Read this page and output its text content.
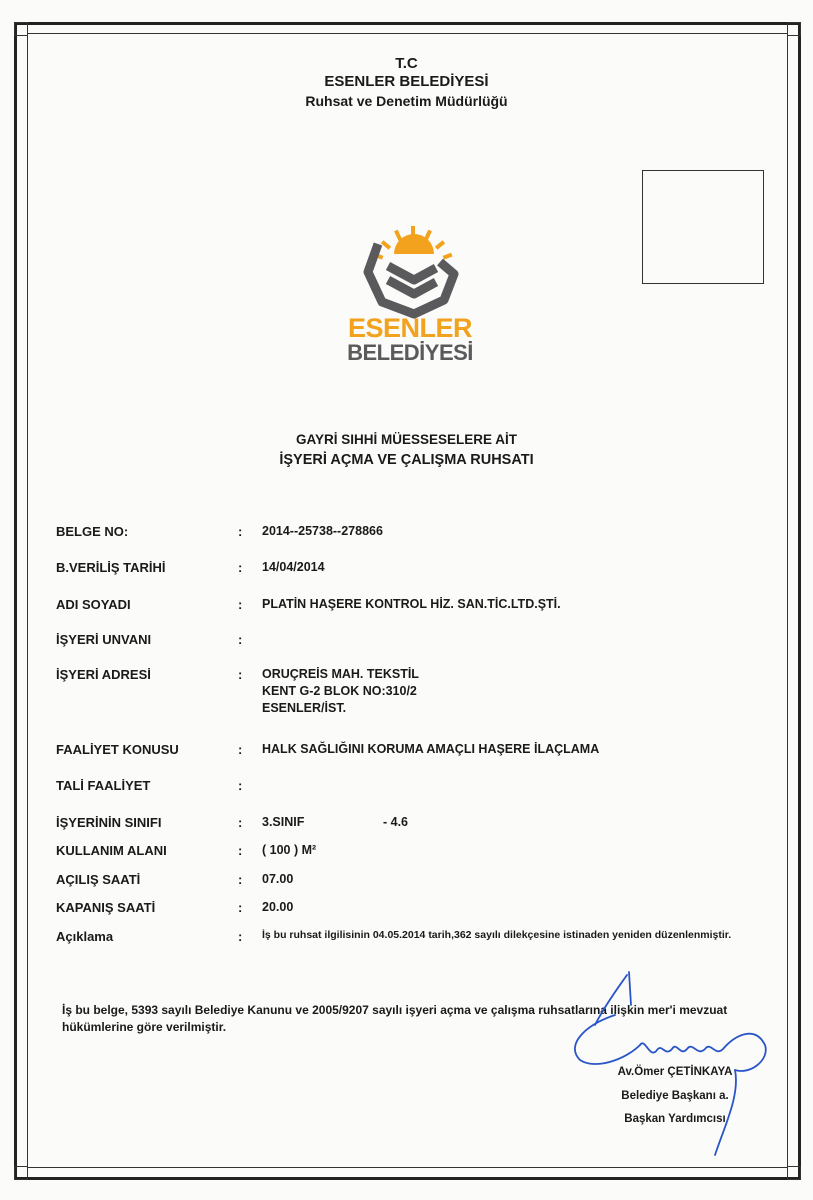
T.C
ESENLER BELEDİYESİ
Ruhsat ve Denetim Müdürlüğü
ESENLER
BELEDİYESİ
GAYRİ SIHHİ MÜESSESELERE AİT
İŞYERİ AÇMA VE ÇALIŞMA RUHSATI
BELGE NO:	: 2014--25738--278866
B.VERİLİŞ TARİHİ	: 14/04/2014
ADI SOYADI	: PLATİN HAŞERE KONTROL HİZ. SAN.TİC.LTD.ŞTİ.
İŞYERİ UNVANI	:
İŞYERİ ADRESİ	: ORUÇREİS MAH. TEKSTİL
KENT G-2 BLOK NO:310/2
ESENLER/İST.
FAALİYET KONUSU	: HALK SAĞLIĞINI KORUMA AMAÇLI HAŞERE İLAÇLAMA
TALİ FAALİYET	:
İŞYERİNİN SINIFI	: 3.SINIF	- 4.6
KULLANIM ALANI	: ( 100 ) M²
AÇILIŞ SAATİ	: 07.00
KAPANIŞ SAATİ	: 20.00
Açıklama	: İş bu ruhsat ilgilisinin 04.05.2014 tarih,362 sayılı dilekçesine istinaden yeniden düzenlenmiştir.
İş bu belge, 5393 sayılı Belediye Kanunu ve 2005/9207 sayılı işyeri açma ve çalışma ruhsatlarına ilişkin mer'i mevzuat hükümlerine göre verilmiştir.
Av.Ömer ÇETİNKAYA
Belediye Başkanı a.
Başkan Yardımcısı
